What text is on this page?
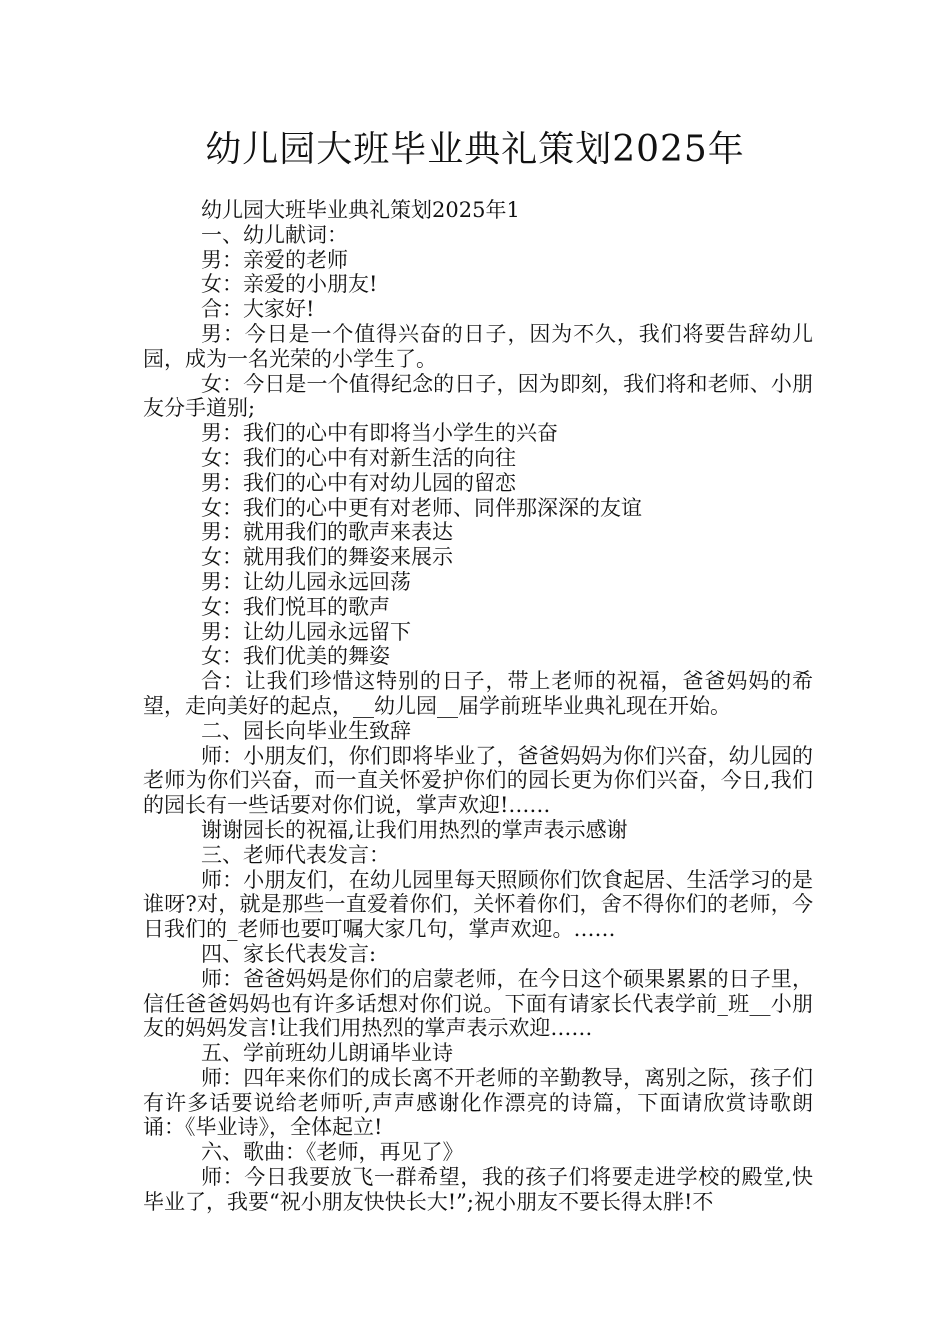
幼儿园大班毕业典礼策划2025年

幼儿园大班毕业典礼策划2025年1

一、幼儿献词：

男：亲爱的老师

女：亲爱的小朋友!

合：大家好!

男：今日是一个值得兴奋的日子，因为不久，我们将要告辞幼儿园，成为一名光荣的小学生了。

女：今日是一个值得纪念的日子，因为即刻，我们将和老师、小朋友分手道别;

男：我们的心中有即将当小学生的兴奋

女：我们的心中有对新生活的向往

男：我们的心中有对幼儿园的留恋

女：我们的心中更有对老师、同伴那深深的友谊

男：就用我们的歌声来表达

女：就用我们的舞姿来展示

男：让幼儿园永远回荡

女：我们悦耳的歌声

男：让幼儿园永远留下

女：我们优美的舞姿

合：让我们珍惜这特别的日子，带上老师的祝福，爸爸妈妈的希望，走向美好的起点，__幼儿园__届学前班毕业典礼现在开始。

二、园长向毕业生致辞

师：小朋友们，你们即将毕业了，爸爸妈妈为你们兴奋，幼儿园的老师为你们兴奋，而一直关怀爱护你们的园长更为你们兴奋，今日,我们的园长有一些话要对你们说，掌声欢迎!……

谢谢园长的祝福,让我们用热烈的掌声表示感谢

三、老师代表发言：

师：小朋友们，在幼儿园里每天照顾你们饮食起居、生活学习的是谁呀?对，就是那些一直爱着你们，关怀着你们，舍不得你们的老师，今日我们的_老师也要叮嘱大家几句，掌声欢迎。……

四、家长代表发言:

师：爸爸妈妈是你们的启蒙老师，在今日这个硕果累累的日子里，信任爸爸妈妈也有许多话想对你们说。下面有请家长代表学前_班__小朋友的妈妈发言!让我们用热烈的掌声表示欢迎……

五、学前班幼儿朗诵毕业诗

师：四年来你们的成长离不开老师的辛勤教导，离别之际，孩子们有许多话要说给老师听,声声感谢化作漂亮的诗篇，下面请欣赏诗歌朗诵：《毕业诗》，全体起立!

六、歌曲：《老师，再见了》

师：今日我要放飞一群希望，我的孩子们将要走进学校的殿堂,快毕业了，我要“祝小朋友快快长大!”;祝小朋友不要长得太胖!不
